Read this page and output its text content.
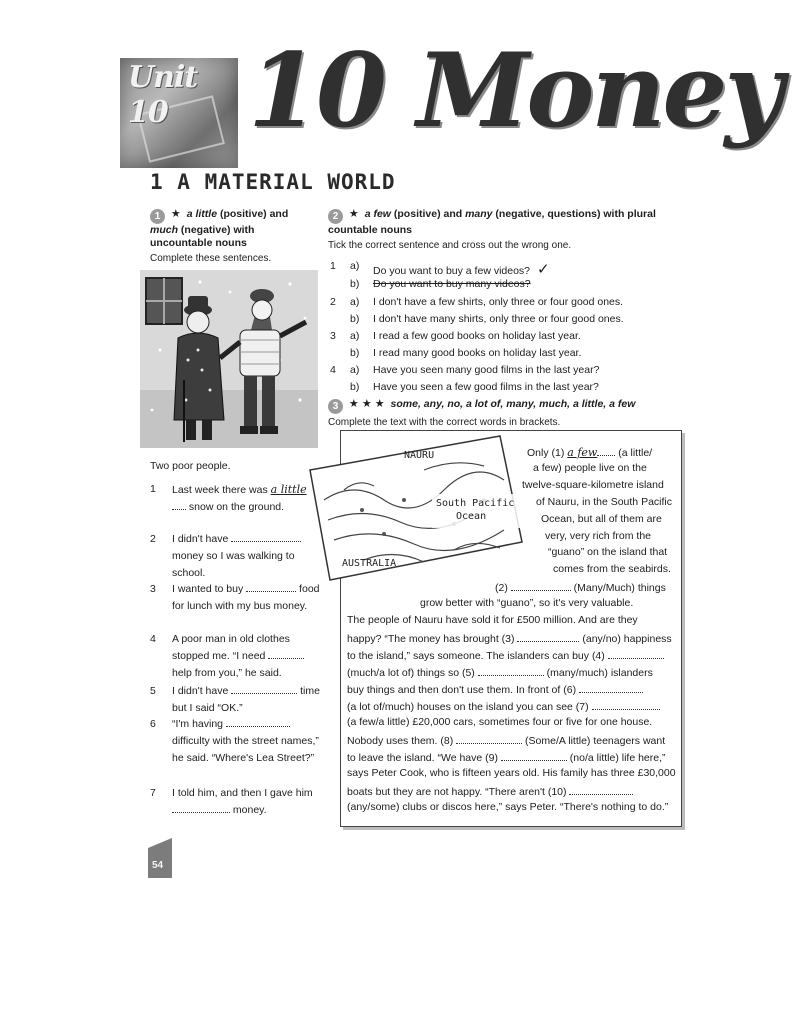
Unit 10 10 Money
1 A MATERIAL WORLD
1 ★ a little (positive) and much (negative) with uncountable nouns
Complete these sentences.
Two poor people.
1 Last week there was a little snow on the ground.
2 I didn't have  money so I was walking to school.
3 I wanted to buy	food for lunch with my bus money.
4 A poor man in old clothes stopped me. “I need  help from you,” he said.
5 I didn't have	time but I said “OK.”
6 “I'm having  difficulty with the street names,” he said. “Where's Lea Street?”
7 I told him, and then I gave him  money.
2 ★ a few (positive) and many (negative, questions) with plural countable nouns
Tick the correct sentence and cross out the wrong one.
1 a) Do you want to buy a few videos? ✓
b) Do you want to buy many videos?
2 a) I don't have a few shirts, only three or four good ones.
b) I don't have many shirts, only three or four good ones.
3 a) I read a few good books on holiday last year.
b) I read many good books on holiday last year.
4 a) Have you seen many good films in the last year?
b) Have you seen a few good films in the last year?
3 ★ ★ ★ some, any, no, a lot of, many, much, a little, a few
Complete the text with the correct words in brackets.
NAURU
South Pacific
Ocean
AUSTRALIA
Only (1) a few (a little/
a few) people live on the
twelve-square-kilometre island
of Nauru, in the South Pacific
Ocean, but all of them are
very, very rich from the
“guano” on the island that
comes from the seabirds.
(2)	(Many/Much) things
grow better with “guano”, so it's very valuable.
The people of Nauru have sold it for £500 million. And are they
happy? “The money has brought (3)	(any/no) happiness
to the island,” says someone. The islanders can buy (4)
(much/a lot of) things so (5)	(many/much) islanders
buy things and then don't use them. In front of (6)
(a lot of/much) houses on the island you can see (7)
(a few/a little) £20,000 cars, sometimes four or five for one house.
Nobody uses them. (8)	(Some/A little) teenagers want
to leave the island. “We have (9)	(no/a little) life here,”
says Peter Cook, who is fifteen years old. His family has three £30,000
boats but they are not happy. “There aren't (10)
(any/some) clubs or discos here,” says Peter. “There's nothing to do.”
54
